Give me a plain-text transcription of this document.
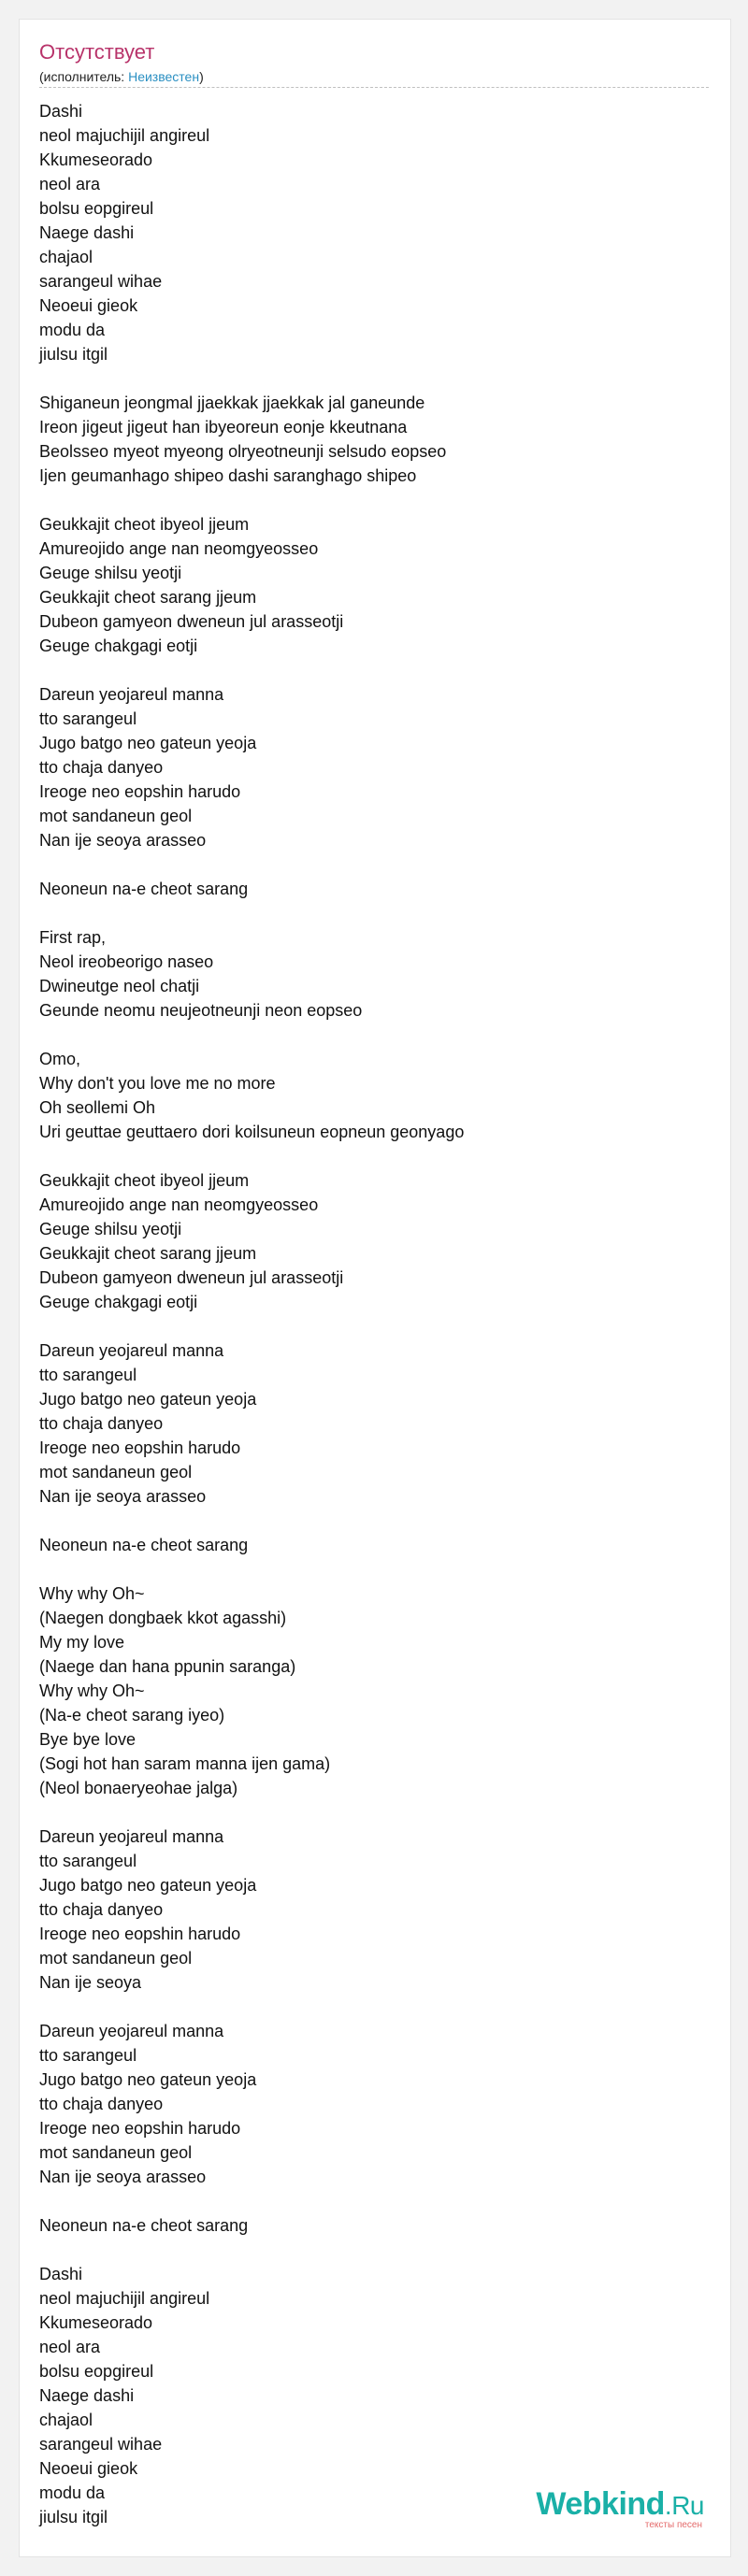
Отсутствует
(исполнитель: Неизвестен)
Dashi
neol majuchijil angireul
Kkumeseorado
neol ara
bolsu eopgireul
Naege dashi
chajaol
sarangeul wihae
Neoeui gieok
modu da
jiulsu itgil
Shiganeun jeongmal jjaekkak jjaekkak jal ganeunde
Ireon jigeut jigeut han ibyeoreun eonje kkeutnana
Beolsseo myeot myeong olryeotneunji selsudo eopseo
Ijen geumanhago shipeo dashi saranghago shipeo
Geukkajit cheot ibyeol jjeum
Amureojido ange nan neomgyeosseo
Geuge shilsu yeotji
Geukkajit cheot sarang jjeum
Dubeon gamyeon dweneun jul arasseotji
Geuge chakgagi eotji
Dareun yeojareul manna
tto sarangeul
Jugo batgo neo gateun yeoja
tto chaja danyeo
Ireoge neo eopshin harudo
mot sandaneun geol
Nan ije seoya arasseo
Neoneun na-e cheot sarang
First rap,
Neol ireobeorigo naseo
Dwineutge neol chatji
Geunde neomu neujeotneunji neon eopseo
Omo,
Why don't you love me no more
Oh seollemi Oh
Uri geuttae geuttaero dori koilsuneun eopneun geonyago
Geukkajit cheot ibyeol jjeum
Amureojido ange nan neomgyeosseo
Geuge shilsu yeotji
Geukkajit cheot sarang jjeum
Dubeon gamyeon dweneun jul arasseotji
Geuge chakgagi eotji
Dareun yeojareul manna
tto sarangeul
Jugo batgo neo gateun yeoja
tto chaja danyeo
Ireoge neo eopshin harudo
mot sandaneun geol
Nan ije seoya arasseo
Neoneun na-e cheot sarang
Why why Oh~
(Naegen dongbaek kkot agasshi)
My my love
(Naege dan hana ppunin saranga)
Why why Oh~
(Na-e cheot sarang iyeo)
Bye bye love
(Sogi hot han saram manna ijen gama)
(Neol bonaeryeohae jalga)
Dareun yeojareul manna
tto sarangeul
Jugo batgo neo gateun yeoja
tto chaja danyeo
Ireoge neo eopshin harudo
mot sandaneun geol
Nan ije seoya
Dareun yeojareul manna
tto sarangeul
Jugo batgo neo gateun yeoja
tto chaja danyeo
Ireoge neo eopshin harudo
mot sandaneun geol
Nan ije seoya arasseo
Neoneun na-e cheot sarang
Dashi
neol majuchijil angireul
Kkumeseorado
neol ara
bolsu eopgireul
Naege dashi
chajaol
sarangeul wihae
Neoeui gieok
modu da
jiulsu itgil	Webkind.Ru
тексты песен
